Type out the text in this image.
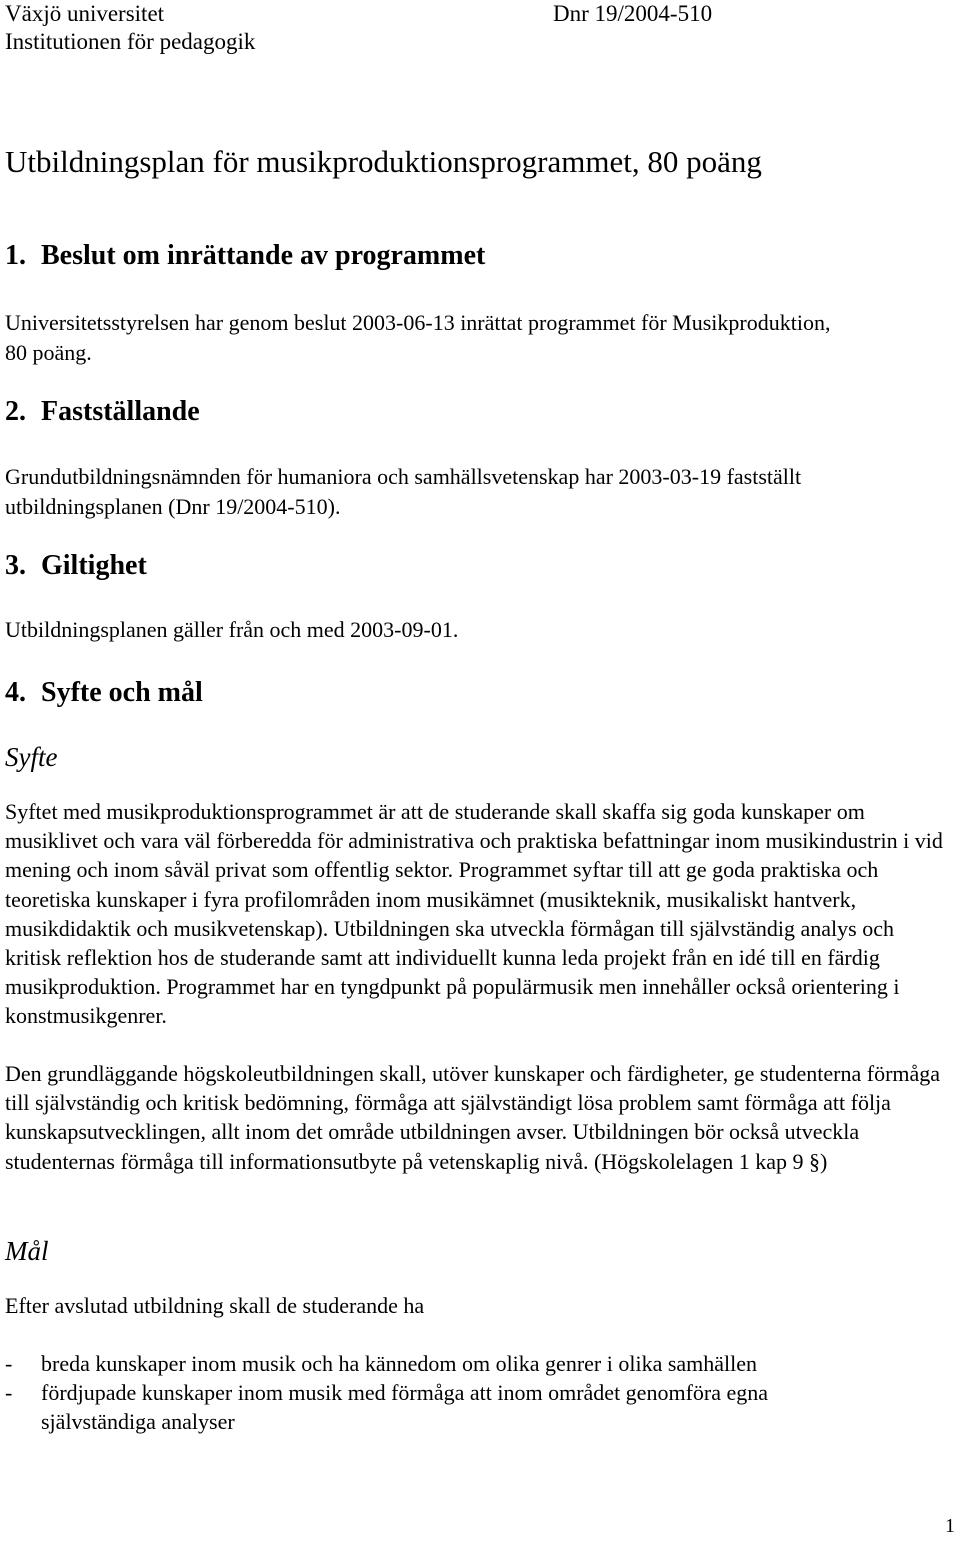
Växjö universitet
Institutionen för pedagogik
Dnr 19/2004-510
Utbildningsplan för musikproduktionsprogrammet, 80 poäng
1. Beslut om inrättande av programmet
Universitetsstyrelsen har genom beslut 2003-06-13 inrättat programmet för Musikproduktion,
80 poäng.
2. Fastställande
Grundutbildningsnämnden för humaniora och samhällsvetenskap har 2003-03-19 fastställt
utbildningsplanen (Dnr 19/2004-510).
3. Giltighet
Utbildningsplanen gäller från och med 2003-09-01.
4. Syfte och mål
Syfte
Syftet med musikproduktionsprogrammet är att de studerande skall skaffa sig goda kunskaper om musiklivet och vara väl förberedda för administrativa och praktiska befattningar inom musikindustrin i vid mening och inom såväl privat som offentlig sektor. Programmet syftar till att ge goda praktiska och teoretiska kunskaper i fyra profilområden inom musikämnet (musikteknik, musikaliskt hantverk, musikdidaktik och musikvetenskap). Utbildningen ska utveckla förmågan till självständig analys och kritisk reflektion hos de studerande samt att individuellt kunna leda projekt från en idé till en färdig musikproduktion. Programmet har en tyngdpunkt på populärmusik men innehåller också orientering i konstmusikgenrer.
Den grundläggande högskoleutbildningen skall, utöver kunskaper och färdigheter, ge studenterna förmåga till självständig och kritisk bedömning, förmåga att självständigt lösa problem samt förmåga att följa kunskapsutvecklingen, allt inom det område utbildningen avser. Utbildningen bör också utveckla studenternas förmåga till informationsutbyte på vetenskaplig nivå. (Högskolelagen 1 kap 9 §)
Mål
Efter avslutad utbildning skall de studerande ha
- breda kunskaper inom musik och ha kännedom om olika genrer i olika samhällen
- fördjupade kunskaper inom musik med förmåga att inom området genomföra egna självständiga analyser
1
